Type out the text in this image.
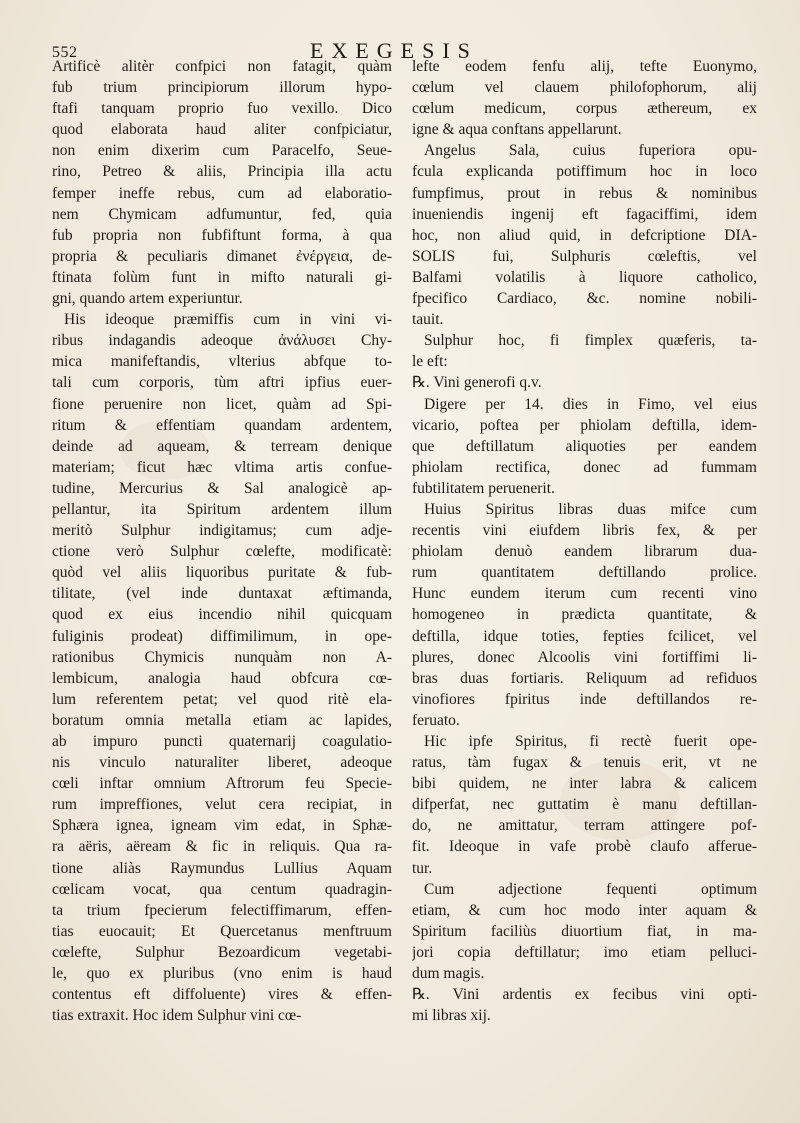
552	EXEGESIS
Artificè alitèr confpici non fatagit, quàm
fub trium principiorum illorum hypo-
ftafi tanquam proprio fuo vexillo. Dico
quod elaborata haud aliter confpiciatur,
non enim dixerim cum Paracelfo, Seue-
rino, Petreo & aliis, Principia illa actu
femper ineffe rebus, cum ad elaboratio-
nem Chymicam adfumuntur, fed, quia
fub propria non fubfiftunt forma, à qua
propria & peculiaris dimanet ἐνέργεια, de-
ftinata folùm funt in mifto naturali gi-
gni, quando artem experiuntur.
His ideoque præmiffis cum in vini vi-
ribus indagandis adeoque ἀνάλυσει Chy-
mica manifeftandis, vlterius abfque to-
tali cum corporis, tùm aftri ipfius euer-
fione peruenire non licet, quàm ad Spi-
ritum & effentiam quandam ardentem,
deinde ad aqueam, & terream denique
materiam; ficut hæc vltima artis confue-
tudine, Mercurius & Sal analogicè ap-
pellantur, ita Spiritum ardentem illum
meritò Sulphur indigitamus; cum adje-
ctione verò Sulphur cœlefte, modificatè:
quòd vel aliis liquoribus puritate & fub-
tilitate, (vel inde duntaxat æftimanda,
quod ex eius incendio nihil quicquam
fuliginis prodeat) diffimilimum, in ope-
rationibus Chymicis nunquàm non A-
lembicum, analogia haud obfcura cœ-
lum referentem petat; vel quod ritè ela-
boratum omnia metalla etiam ac lapides,
ab impuro puncti quaternarij coagulatio-
nis vinculo naturaliter liberet, adeoque
cœli inftar omnium Aftrorum feu Specie-
rum impreffiones, velut cera recipiat, in
Sphæra ignea, igneam vim edat, in Sphæ-
ra aëris, aëream & fic in reliquis. Qua ra-
tione aliàs Raymundus Lullius Aquam
cœlicam vocat, qua centum quadragin-
ta trium fpecierum felectiffimarum, effen-
tias euocauit; Et Quercetanus menftruum
cœlefte, Sulphur Bezoardicum vegetabi-
le, quo ex pluribus (vno enim is haud
contentus eft diffoluente) vires & effen-
tias extraxit. Hoc idem Sulphur vini cœ-
lefte eodem fenfu alij, tefte Euonymo,
cœlum vel clauem philofophorum, alij
cœlum medicum, corpus æthereum, ex
igne & aqua conftans appellarunt.
Angelus Sala, cuius fuperiora opu-
fcula explicanda potiffimum hoc in loco
fumpfimus, prout in rebus & nominibus
inueniendis ingenij eft fagaciffimi, idem
hoc, non aliud quid, in defcriptione DIA-
SOLIS fui, Sulphuris cœleftis, vel
Balfami volatilis à liquore catholico,
fpecifico Cardiaco, &c. nomine nobili-
tauit.
Sulphur hoc, fi fimplex quæferis, ta-
le eft:
℞. Vini generofi q.v.
Digere per 14. dies in Fimo, vel eius
vicario, poftea per phiolam deftilla, idem-
que deftillatum aliquoties per eandem
phiolam rectifica, donec ad fummam
fubtilitatem peruenerit.
Huius Spiritus libras duas mifce cum
recentis vini eiufdem libris fex, & per
phiolam denuò eandem librarum dua-
rum quantitatem deftillando prolice.
Hunc eundem iterum cum recenti vino
homogeneo in prædicta quantitate, &
deftilla, idque toties, fepties fcilicet, vel
plures, donec Alcoolis vini fortiffimi li-
bras duas fortiaris. Reliquum ad refiduos
vinofiores fpiritus inde deftillandos re-
feruato.
Hic ipfe Spiritus, fi rectè fuerit ope-
ratus, tàm fugax & tenuis erit, vt ne
bibi quidem, ne inter labra & calicem
difperfat, nec guttatim è manu deftillan-
do, ne amittatur, terram attingere pof-
fit. Ideoque in vafe probè claufo afferue-
tur.
Cum adjectione fequenti optimum
etiam, & cum hoc modo inter aquam &
Spiritum faciliùs diuortium fiat, in ma-
jori copia deftillatur; imo etiam pelluci-
dum magis.
℞. Vini ardentis ex fecibus vini opti-
mi libras xij.
